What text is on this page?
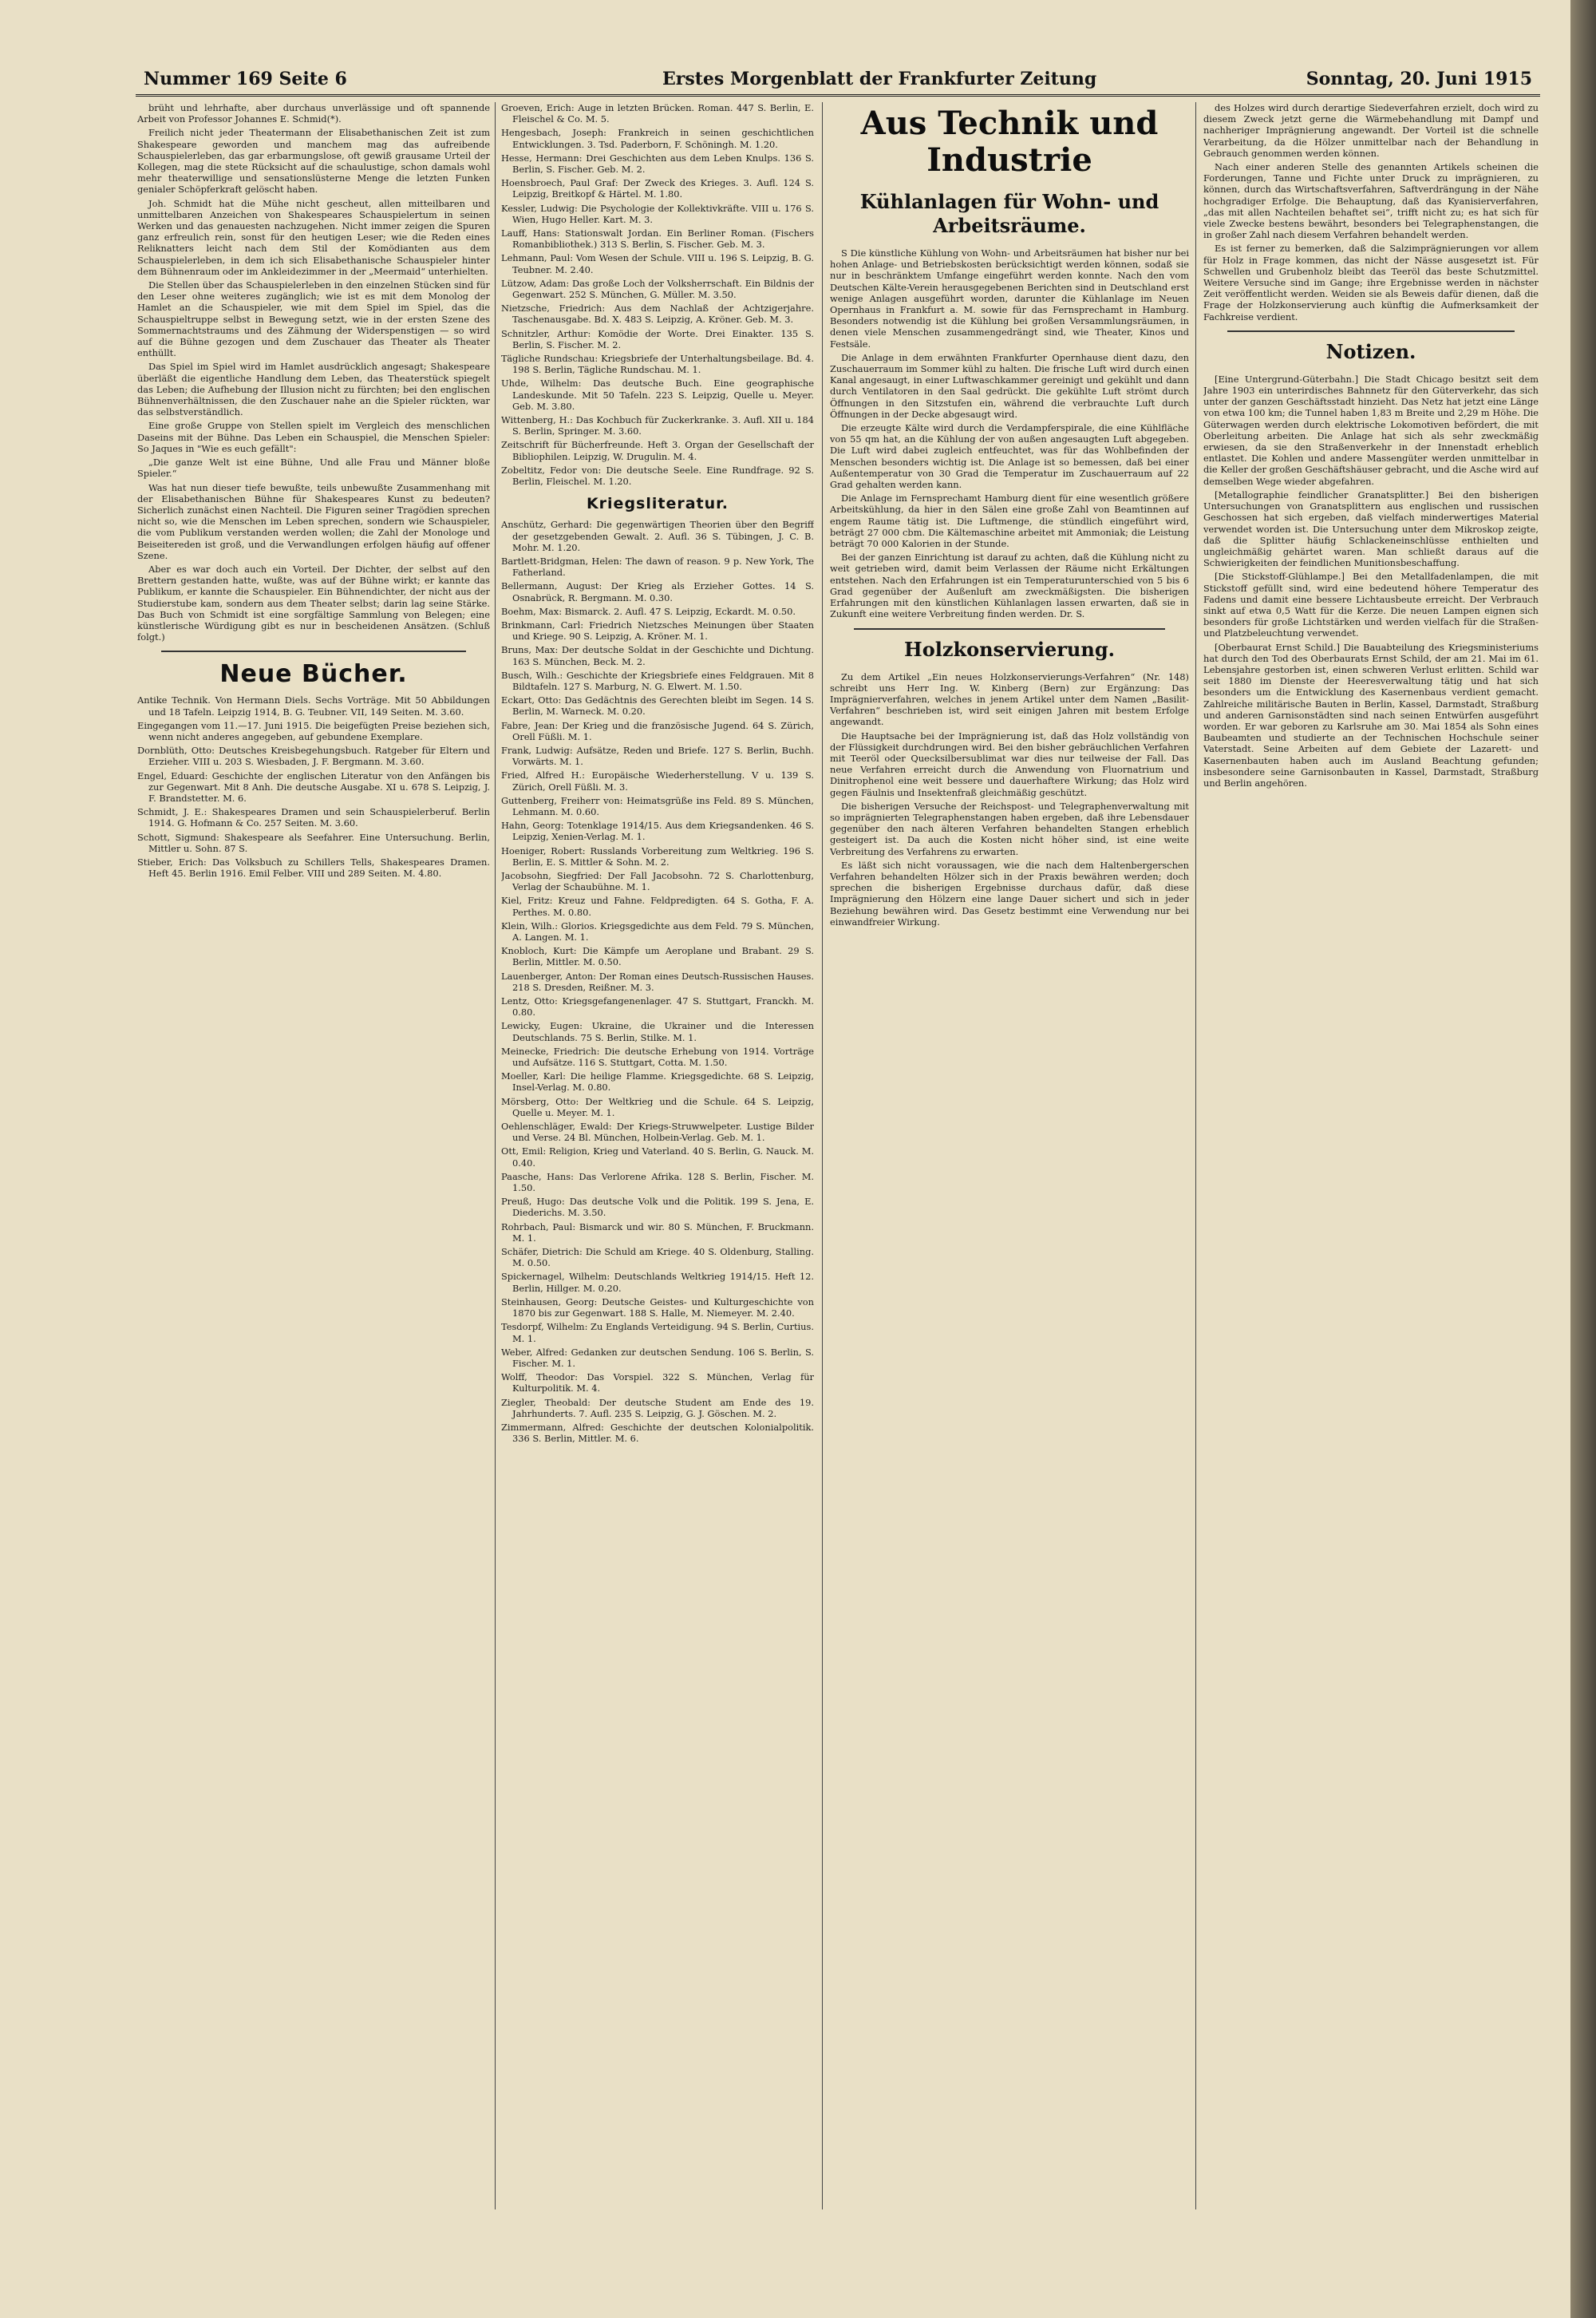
Nummer 169 Seite 6	Erstes Morgenblatt der Frankfurter Zeitung	Sonntag, 20. Juni 1915

brüht und lehrhafte, aber durchaus unverlässige und oft spannende Arbeit von Professor Johannes E. Schmid(*).

Freilich nicht jeder Theatermann der Elisabethanischen Zeit ist zum Shakespeare geworden und manchem mag das aufreibende Schauspielerleben, das gar erbarmungslose, oft gewiß grausame Urteil der Kollegen, mag die stete Rücksicht auf die schaulustige, schon damals wohl mehr theaterwillige und sensationslüsterne Menge die letzten Funken genialer Schöpferkraft gelöscht haben.

Joh. Schmidt hat die Mühe nicht gescheut, allen mitteilbaren und unmittelbaren Anzeichen von Shakespeares Schauspielertum in seinen Werken und das genauesten nachzugehen. Nicht immer zeigen die Spuren ganz erfreulich rein, sonst für den heutigen Leser; wie die Reden eines Reliknatters leicht nach dem Stil der Komödianten aus dem Schauspielerleben, in dem ich sich Elisabethanische Schauspieler hinter dem Bühnenraum oder im Ankleidezimmer in der „Meermaid“ unterhielten.

Die Stellen über das Schauspielerleben in den einzelnen Stücken sind für den Leser ohne weiteres zugänglich; wie ist es mit dem Monolog der Hamlet an die Schauspieler, wie mit dem Spiel im Spiel, das die Schauspieltruppe selbst in Bewegung setzt, wie in der ersten Szene des Sommernachtstraums und des Zähmung der Widerspenstigen — so wird auf die Bühne gezogen und dem Zuschauer das Theater als Theater enthüllt.

Das Spiel im Spiel wird im Hamlet ausdrücklich angesagt; Shakespeare überläßt die eigentliche Handlung dem Leben, das Theaterstück spiegelt das Leben; die Aufhebung der Illusion nicht zu fürchten; bei den englischen Bühnenverhältnissen, die den Zuschauer nahe an die Spieler rückten, war das selbstverständlich.

Eine große Gruppe von Stellen spielt im Vergleich des menschlichen Daseins mit der Bühne. Das Leben ein Schauspiel, die Menschen Spieler: So Jaques in "Wie es euch gefällt":

„Die ganze Welt ist eine Bühne, Und alle Frau und Männer bloße Spieler.“

Was hat nun dieser tiefe bewußte, teils unbewußte Zusammenhang mit der Elisabethanischen Bühne für Shakespeares Kunst zu bedeuten? Sicherlich zunächst einen Nachteil. Die Figuren seiner Tragödien sprechen nicht so, wie die Menschen im Leben sprechen, sondern wie Schauspieler, die vom Publikum verstanden werden wollen; die Zahl der Monologe und Beiseitereden ist groß, und die Verwandlungen erfolgen häufig auf offener Szene.

Aber es war doch auch ein Vorteil. Der Dichter, der selbst auf den Brettern gestanden hatte, wußte, was auf der Bühne wirkt; er kannte das Publikum, er kannte die Schauspieler. Ein Bühnendichter, der nicht aus der Studierstube kam, sondern aus dem Theater selbst; darin lag seine Stärke. Das Buch von Schmidt ist eine sorgfältige Sammlung von Belegen; eine künstlerische Würdigung gibt es nur in bescheidenen Ansätzen. (Schluß folgt.)

Neue Bücher.

Antike Technik. Von Hermann Diels. Sechs Vorträge. Mit 50 Abbildungen und 18 Tafeln. Leipzig 1914, B. G. Teubner. VII, 149 Seiten. M. 3.60.

Eingegangen vom 11.—17. Juni 1915. Die beigefügten Preise beziehen sich, wenn nicht anderes angegeben, auf gebundene Exemplare.

Dornblüth, Otto: Deutsches Kreisbegehungsbuch. Ratgeber für Eltern und Erzieher. VIII u. 203 S. Wiesbaden, J. F. Bergmann. M. 3.60.

Engel, Eduard: Geschichte der englischen Literatur von den Anfängen bis zur Gegenwart. Mit 8 Anh. Die deutsche Ausgabe. XI u. 678 S. Leipzig, J. F. Brandstetter. M. 6.

Schmidt, J. E.: Shakespeares Dramen und sein Schauspielerberuf. Berlin 1914. G. Hofmann & Co. 257 Seiten. M. 3.60.

Schott, Sigmund: Shakespeare als Seefahrer. Eine Untersuchung. Berlin, Mittler u. Sohn. 87 S.

Stieber, Erich: Das Volksbuch zu Schillers Tells, Shakespeares Dramen. Heft 45. Berlin 1916. Emil Felber. VIII und 289 Seiten. M. 4.80.

Groeven, Erich: Auge in letzten Brücken. Roman. 447 S. Berlin, E. Fleischel & Co. M. 5.

Hengesbach, Joseph: Frankreich in seinen geschichtlichen Entwicklungen. 3. Tsd. Paderborn, F. Schöningh. M. 1.20.

Hesse, Hermann: Drei Geschichten aus dem Leben Knulps. 136 S. Berlin, S. Fischer. Geb. M. 2.

Hoensbroech, Paul Graf: Der Zweck des Krieges. 3. Aufl. 124 S. Leipzig, Breitkopf & Härtel. M. 1.80.

Kessler, Ludwig: Die Psychologie der Kollektivkräfte. VIII u. 176 S. Wien, Hugo Heller. Kart. M. 3.

Lauff, Hans: Stationswalt Jordan. Ein Berliner Roman. (Fischers Romanbibliothek.) 313 S. Berlin, S. Fischer. Geb. M. 3.

Lehmann, Paul: Vom Wesen der Schule. VIII u. 196 S. Leipzig, B. G. Teubner. M. 2.40.

Lützow, Adam: Das große Loch der Volksherrschaft. Ein Bildnis der Gegenwart. 252 S. München, G. Müller. M. 3.50.

Nietzsche, Friedrich: Aus dem Nachlaß der Achtzigerjahre. Taschenausgabe. Bd. X. 483 S. Leipzig, A. Kröner. Geb. M. 3.

Schnitzler, Arthur: Komödie der Worte. Drei Einakter. 135 S. Berlin, S. Fischer. M. 2.

Tägliche Rundschau: Kriegsbriefe der Unterhaltungsbeilage. Bd. 4. 198 S. Berlin, Tägliche Rundschau. M. 1.

Uhde, Wilhelm: Das deutsche Buch. Eine geographische Landeskunde. Mit 50 Tafeln. 223 S. Leipzig, Quelle u. Meyer. Geb. M. 3.80.

Wittenberg, H.: Das Kochbuch für Zuckerkranke. 3. Aufl. XII u. 184 S. Berlin, Springer. M. 3.60.

Zeitschrift für Bücherfreunde. Heft 3. Organ der Gesellschaft der Bibliophilen. Leipzig, W. Drugulin. M. 4.

Zobeltitz, Fedor von: Die deutsche Seele. Eine Rundfrage. 92 S. Berlin, Fleischel. M. 1.20.

Kriegsliteratur.

Anschütz, Gerhard: Die gegenwärtigen Theorien über den Begriff der gesetzgebenden Gewalt. 2. Aufl. 36 S. Tübingen, J. C. B. Mohr. M. 1.20.

Bartlett-Bridgman, Helen: The dawn of reason. 9 p. New York, The Fatherland.

Bellermann, August: Der Krieg als Erzieher Gottes. 14 S. Osnabrück, R. Bergmann. M. 0.30.

Boehm, Max: Bismarck. 2. Aufl. 47 S. Leipzig, Eckardt. M. 0.50.

Brinkmann, Carl: Friedrich Nietzsches Meinungen über Staaten und Kriege. 90 S. Leipzig, A. Kröner. M. 1.

Bruns, Max: Der deutsche Soldat in der Geschichte und Dichtung. 163 S. München, Beck. M. 2.

Busch, Wilh.: Geschichte der Kriegsbriefe eines Feldgrauen. Mit 8 Bildtafeln. 127 S. Marburg, N. G. Elwert. M. 1.50.

Eckart, Otto: Das Gedächtnis des Gerechten bleibt im Segen. 14 S. Berlin, M. Warneck. M. 0.20.

Fabre, Jean: Der Krieg und die französische Jugend. 64 S. Zürich, Orell Füßli. M. 1.

Frank, Ludwig: Aufsätze, Reden und Briefe. 127 S. Berlin, Buchh. Vorwärts. M. 1.

Fried, Alfred H.: Europäische Wiederherstellung. V u. 139 S. Zürich, Orell Füßli. M. 3.

Guttenberg, Freiherr von: Heimatsgrüße ins Feld. 89 S. München, Lehmann. M. 0.60.

Hahn, Georg: Totenklage 1914/15. Aus dem Kriegsandenken. 46 S. Leipzig, Xenien-Verlag. M. 1.

Hoeniger, Robert: Russlands Vorbereitung zum Weltkrieg. 196 S. Berlin, E. S. Mittler & Sohn. M. 2.

Jacobsohn, Siegfried: Der Fall Jacobsohn. 72 S. Charlottenburg, Verlag der Schaubühne. M. 1.

Kiel, Fritz: Kreuz und Fahne. Feldpredigten. 64 S. Gotha, F. A. Perthes. M. 0.80.

Klein, Wilh.: Glorios. Kriegsgedichte aus dem Feld. 79 S. München, A. Langen. M. 1.

Knobloch, Kurt: Die Kämpfe um Aeroplane und Brabant. 29 S. Berlin, Mittler. M. 0.50.

Lauenberger, Anton: Der Roman eines Deutsch-Russischen Hauses. 218 S. Dresden, Reißner. M. 3.

Lentz, Otto: Kriegsgefangenenlager. 47 S. Stuttgart, Franckh. M. 0.80.

Lewicky, Eugen: Ukraine, die Ukrainer und die Interessen Deutschlands. 75 S. Berlin, Stilke. M. 1.

Meinecke, Friedrich: Die deutsche Erhebung von 1914. Vorträge und Aufsätze. 116 S. Stuttgart, Cotta. M. 1.50.

Moeller, Karl: Die heilige Flamme. Kriegsgedichte. 68 S. Leipzig, Insel-Verlag. M. 0.80.

Mörsberg, Otto: Der Weltkrieg und die Schule. 64 S. Leipzig, Quelle u. Meyer. M. 1.

Oehlenschläger, Ewald: Der Kriegs-Struwwelpeter. Lustige Bilder und Verse. 24 Bl. München, Holbein-Verlag. Geb. M. 1.

Ott, Emil: Religion, Krieg und Vaterland. 40 S. Berlin, G. Nauck. M. 0.40.

Paasche, Hans: Das Verlorene Afrika. 128 S. Berlin, Fischer. M. 1.50.

Preuß, Hugo: Das deutsche Volk und die Politik. 199 S. Jena, E. Diederichs. M. 3.50.

Rohrbach, Paul: Bismarck und wir. 80 S. München, F. Bruckmann. M. 1.

Schäfer, Dietrich: Die Schuld am Kriege. 40 S. Oldenburg, Stalling. M. 0.50.

Spickernagel, Wilhelm: Deutschlands Weltkrieg 1914/15. Heft 12. Berlin, Hillger. M. 0.20.

Steinhausen, Georg: Deutsche Geistes- und Kulturgeschichte von 1870 bis zur Gegenwart. 188 S. Halle, M. Niemeyer. M. 2.40.

Tesdorpf, Wilhelm: Zu Englands Verteidigung. 94 S. Berlin, Curtius. M. 1.

Weber, Alfred: Gedanken zur deutschen Sendung. 106 S. Berlin, S. Fischer. M. 1.

Wolff, Theodor: Das Vorspiel. 322 S. München, Verlag für Kulturpolitik. M. 4.

Ziegler, Theobald: Der deutsche Student am Ende des 19. Jahrhunderts. 7. Aufl. 235 S. Leipzig, G. J. Göschen. M. 2.

Zimmermann, Alfred: Geschichte der deutschen Kolonialpolitik. 336 S. Berlin, Mittler. M. 6.

Aus Technik und Industrie
Kühlanlagen für Wohn- und Arbeitsräume.

S Die künstliche Kühlung von Wohn- und Arbeitsräumen hat bisher nur bei hohen Anlage- und Betriebskosten berücksichtigt werden können, sodaß sie nur in beschränktem Umfange eingeführt werden konnte. Nach den vom Deutschen Kälte-Verein herausgegebenen Berichten sind in Deutschland erst wenige Anlagen ausgeführt worden, darunter die Kühlanlage im Neuen Opernhaus in Frankfurt a. M. sowie für das Fernsprechamt in Hamburg. Besonders notwendig ist die Kühlung bei großen Versammlungsräumen, in denen viele Menschen zusammengedrängt sind, wie Theater, Kinos und Festsäle.

Die Anlage in dem erwähnten Frankfurter Opernhause dient dazu, den Zuschauerraum im Sommer kühl zu halten. Die frische Luft wird durch einen Kanal angesaugt, in einer Luftwaschkammer gereinigt und gekühlt und dann durch Ventilatoren in den Saal gedrückt. Die gekühlte Luft strömt durch Öffnungen in den Sitzstufen ein, während die verbrauchte Luft durch Öffnungen in der Decke abgesaugt wird.

Die erzeugte Kälte wird durch die Verdampferspirale, die eine Kühlfläche von 55 qm hat, an die Kühlung der von außen angesaugten Luft abgegeben. Die Luft wird dabei zugleich entfeuchtet, was für das Wohlbefinden der Menschen besonders wichtig ist. Die Anlage ist so bemessen, daß bei einer Außentemperatur von 30 Grad die Temperatur im Zuschauerraum auf 22 Grad gehalten werden kann.

Die Anlage im Fernsprechamt Hamburg dient für eine wesentlich größere Arbeitskühlung, da hier in den Sälen eine große Zahl von Beamtinnen auf engem Raume tätig ist. Die Luftmenge, die stündlich eingeführt wird, beträgt 27 000 cbm. Die Kältemaschine arbeitet mit Ammoniak; die Leistung beträgt 70 000 Kalorien in der Stunde.

Bei der ganzen Einrichtung ist darauf zu achten, daß die Kühlung nicht zu weit getrieben wird, damit beim Verlassen der Räume nicht Erkältungen entstehen. Nach den Erfahrungen ist ein Temperaturunterschied von 5 bis 6 Grad gegenüber der Außenluft am zweckmäßigsten. Die bisherigen Erfahrungen mit den künstlichen Kühlanlagen lassen erwarten, daß sie in Zukunft eine weitere Verbreitung finden werden. Dr. S.

Holzkonservierung.

Zu dem Artikel „Ein neues Holzkonservierungs-Verfahren“ (Nr. 148) schreibt uns Herr Ing. W. Kinberg (Bern) zur Ergänzung: Das Imprägnierverfahren, welches in jenem Artikel unter dem Namen „Basilit-Verfahren“ beschrieben ist, wird seit einigen Jahren mit bestem Erfolge angewandt.

Die Hauptsache bei der Imprägnierung ist, daß das Holz vollständig von der Flüssigkeit durchdrungen wird. Bei den bisher gebräuchlichen Verfahren mit Teeröl oder Quecksilbersublimat war dies nur teilweise der Fall. Das neue Verfahren erreicht durch die Anwendung von Fluornatrium und Dinitrophenol eine weit bessere und dauerhaftere Wirkung; das Holz wird gegen Fäulnis und Insektenfraß gleichmäßig geschützt.

Die bisherigen Versuche der Reichspost- und Telegraphenverwaltung mit so imprägnierten Telegraphenstangen haben ergeben, daß ihre Lebensdauer gegenüber den nach älteren Verfahren behandelten Stangen erheblich gesteigert ist. Da auch die Kosten nicht höher sind, ist eine weite Verbreitung des Verfahrens zu erwarten.

Es läßt sich nicht voraussagen, wie die nach dem Haltenbergerschen Verfahren behandelten Hölzer sich in der Praxis bewähren werden; doch sprechen die bisherigen Ergebnisse durchaus dafür, daß diese Imprägnierung den Hölzern eine lange Dauer sichert und sich in jeder Beziehung bewähren wird. Das Gesetz bestimmt eine Verwendung nur bei einwandfreier Wirkung.

des Holzes wird durch derartige Siedeverfahren erzielt, doch wird zu diesem Zweck jetzt gerne die Wärmebehandlung mit Dampf und nachheriger Imprägnierung angewandt. Der Vorteil ist die schnelle Verarbeitung, da die Hölzer unmittelbar nach der Behandlung in Gebrauch genommen werden können.

Nach einer anderen Stelle des genannten Artikels scheinen die Forderungen, Tanne und Fichte unter Druck zu imprägnieren, zu können, durch das Wirtschaftsverfahren, Saftverdrängung in der Nähe hochgradiger Erfolge. Die Behauptung, daß das Kyanisierverfahren, „das mit allen Nachteilen behaftet sei“, trifft nicht zu; es hat sich für viele Zwecke bestens bewährt, besonders bei Telegraphenstangen, die in großer Zahl nach diesem Verfahren behandelt werden.

Es ist ferner zu bemerken, daß die Salzimprägnierungen vor allem für Holz in Frage kommen, das nicht der Nässe ausgesetzt ist. Für Schwellen und Grubenholz bleibt das Teeröl das beste Schutzmittel. Weitere Versuche sind im Gange; ihre Ergebnisse werden in nächster Zeit veröffentlicht werden. Weiden sie als Beweis dafür dienen, daß die Frage der Holzkonservierung auch künftig die Aufmerksamkeit der Fachkreise verdient.

Notizen.

[Eine Untergrund-Güterbahn.] Die Stadt Chicago besitzt seit dem Jahre 1903 ein unterirdisches Bahnnetz für den Güterverkehr, das sich unter der ganzen Geschäftsstadt hinzieht. Das Netz hat jetzt eine Länge von etwa 100 km; die Tunnel haben 1,83 m Breite und 2,29 m Höhe. Die Güterwagen werden durch elektrische Lokomotiven befördert, die mit Oberleitung arbeiten. Die Anlage hat sich als sehr zweckmäßig erwiesen, da sie den Straßenverkehr in der Innenstadt erheblich entlastet. Die Kohlen und andere Massengüter werden unmittelbar in die Keller der großen Geschäftshäuser gebracht, und die Asche wird auf demselben Wege wieder abgefahren.

[Metallographie feindlicher Granatsplitter.] Bei den bisherigen Untersuchungen von Granatsplittern aus englischen und russischen Geschossen hat sich ergeben, daß vielfach minderwertiges Material verwendet worden ist. Die Untersuchung unter dem Mikroskop zeigte, daß die Splitter häufig Schlackeneinschlüsse enthielten und ungleichmäßig gehärtet waren. Man schließt daraus auf die Schwierigkeiten der feindlichen Munitionsbeschaffung.

[Die Stickstoff-Glühlampe.] Bei den Metallfadenlampen, die mit Stickstoff gefüllt sind, wird eine bedeutend höhere Temperatur des Fadens und damit eine bessere Lichtausbeute erreicht. Der Verbrauch sinkt auf etwa 0,5 Watt für die Kerze. Die neuen Lampen eignen sich besonders für große Lichtstärken und werden vielfach für die Straßen- und Platzbeleuchtung verwendet.

[Oberbaurat Ernst Schild.] Die Bauabteilung des Kriegsministeriums hat durch den Tod des Oberbaurats Ernst Schild, der am 21. Mai im 61. Lebensjahre gestorben ist, einen schweren Verlust erlitten. Schild war seit 1880 im Dienste der Heeresverwaltung tätig und hat sich besonders um die Entwicklung des Kasernenbaus verdient gemacht. Zahlreiche militärische Bauten in Berlin, Kassel, Darmstadt, Straßburg und anderen Garnisonstädten sind nach seinen Entwürfen ausgeführt worden. Er war geboren zu Karlsruhe am 30. Mai 1854 als Sohn eines Baubeamten und studierte an der Technischen Hochschule seiner Vaterstadt. Seine Arbeiten auf dem Gebiete der Lazarett- und Kasernenbauten haben auch im Ausland Beachtung gefunden; insbesondere seine Garnisonbauten in Kassel, Darmstadt, Straßburg und Berlin angehören.
